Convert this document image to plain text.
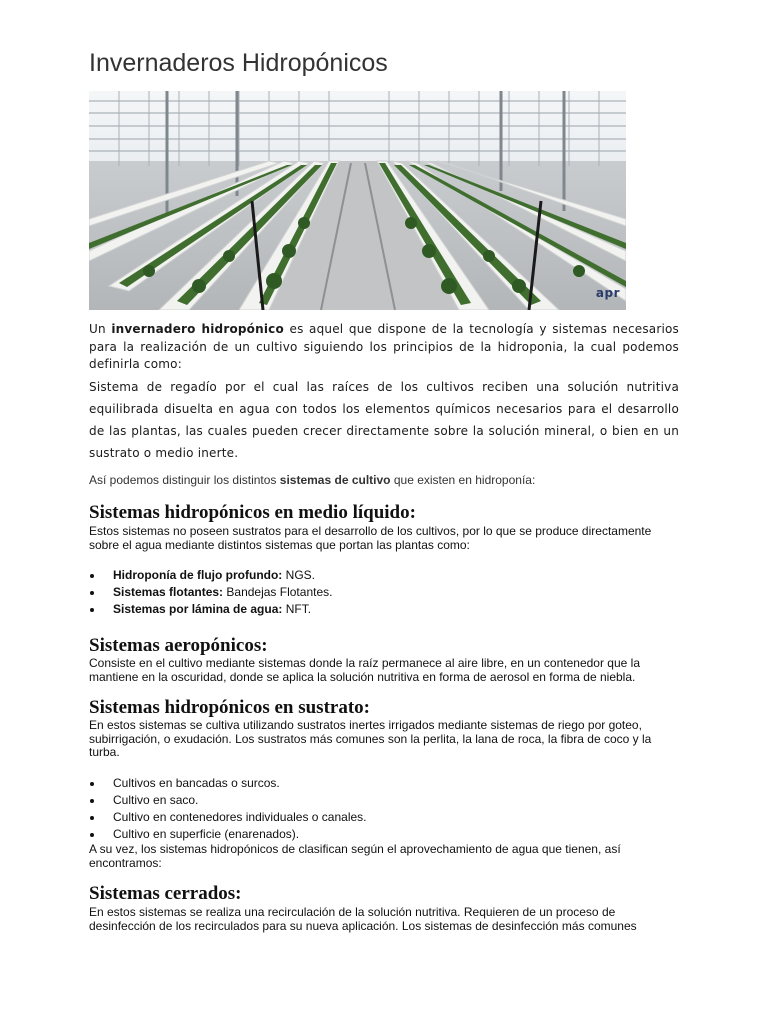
Invernaderos Hidropónicos
apr

Un invernadero hidropónico es aquel que dispone de la tecnología y sistemas necesarios para la realización de un cultivo siguiendo los principios de la hidroponia, la cual podemos definirla como:

Sistema de regadío por el cual las raíces de los cultivos reciben una solución nutritiva equilibrada disuelta en agua con todos los elementos químicos necesarios para el desarrollo de las plantas, las cuales pueden crecer directamente sobre la solución mineral, o bien en un sustrato o medio inerte.

Así podemos distinguir los distintos sistemas de cultivo que existen en hidroponía:

Sistemas hidropónicos en medio líquido:

Estos sistemas no poseen sustratos para el desarrollo de los cultivos, por lo que se produce directamente sobre el agua mediante distintos sistemas que portan las plantas como:

Hidroponía de flujo profundo: NGS.
Sistemas flotantes: Bandejas Flotantes.
Sistemas por lámina de agua: NFT.
Sistemas aeropónicos:

Consiste en el cultivo mediante sistemas donde la raíz permanece al aire libre, en un contenedor que la mantiene en la oscuridad, donde se aplica la solución nutritiva en forma de aerosol en forma de niebla.

Sistemas hidropónicos en sustrato:

En estos sistemas se cultiva utilizando sustratos inertes irrigados mediante sistemas de riego por goteo, subirrigación, o exudación. Los sustratos más comunes son la perlita, la lana de roca, la fibra de coco y la turba.

Cultivos en bancadas o surcos.
Cultivo en saco.
Cultivo en contenedores individuales o canales.
Cultivo en superficie (enarenados).

A su vez, los sistemas hidropónicos de clasifican según el aprovechamiento de agua que tienen, así encontramos:

Sistemas cerrados:

En estos sistemas se realiza una recirculación de la solución nutritiva. Requieren de un proceso de desinfección de los recirculados para su nueva aplicación. Los sistemas de desinfección más comunes
